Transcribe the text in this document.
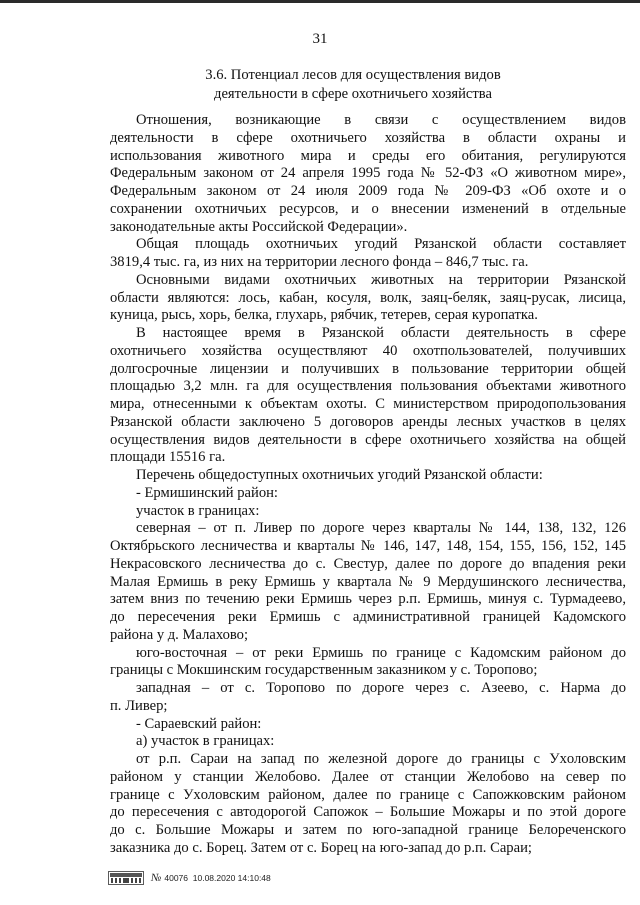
31
3.6. Потенциал лесов для осуществления видов
деятельности в сфере охотничьего хозяйства
Отношения, возникающие в связи с осуществлением видов
деятельности в сфере охотничьего хозяйства в области охраны и
использования животного мира и среды его обитания, регулируются
Федеральным законом от 24 апреля 1995 года № 52-ФЗ «О животном мире»,
Федеральным законом от 24 июля 2009 года № 209-ФЗ «Об охоте и о
сохранении охотничьих ресурсов, и о внесении изменений в отдельные
законодательные акты Российской Федерации».
Общая площадь охотничьих угодий Рязанской области составляет
3819,4 тыс. га, из них на территории лесного фонда – 846,7 тыс. га.
Основными видами охотничьих животных на территории Рязанской
области являются: лось, кабан, косуля, волк, заяц-беляк, заяц-русак, лисица,
куница, рысь, хорь, белка, глухарь, рябчик, тетерев, серая куропатка.
В настоящее время в Рязанской области деятельность в сфере
охотничьего хозяйства осуществляют 40 охотпользователей, получивших
долгосрочные лицензии и получивших в пользование территории общей
площадью 3,2 млн. га для осуществления пользования объектами животного
мира, отнесенными к объектам охоты. С министерством природопользования
Рязанской области заключено 5 договоров аренды лесных участков в целях
осуществления видов деятельности в сфере охотничьего хозяйства на общей
площади 15516 га.
Перечень общедоступных охотничьих угодий Рязанской области:
- Ермишинский район:
участок в границах:
северная – от п. Ливер по дороге через кварталы № 144, 138, 132, 126
Октябрьского лесничества и кварталы № 146, 147, 148, 154, 155, 156, 152, 145
Некрасовского лесничества до с. Свестур, далее по дороге до впадения реки
Малая Ермишь в реку Ермишь у квартала № 9 Мердушинского лесничества,
затем вниз по течению реки Ермишь через р.п. Ермишь, минуя с. Турмадеево,
до пересечения реки Ермишь с административной границей Кадомского
района у д. Малахово;
юго-восточная – от реки Ермишь по границе с Кадомским районом до
границы с Мокшинским государственным заказником у с. Торопово;
западная – от с. Торопово по дороге через с. Азеево, с. Нарма до
п. Ливер;
- Сараевский район:
а) участок в границах:
от р.п. Сараи на запад по железной дороге до границы с Уxоловским
районом у станции Желобово. Далее от станции Желобово на север по
границе с Уxоловским районом, далее по границе с Сапожковским районом
до пересечения с автодорогой Сапожок – Большие Можары и по этой дороге
до с. Большие Можары и затем по юго-западной границе Белореченского
заказника до с. Борец. Затем от с. Борец на юго-запад до р.п. Сараи;
№ 40076 10.08.2020 14:10:48
